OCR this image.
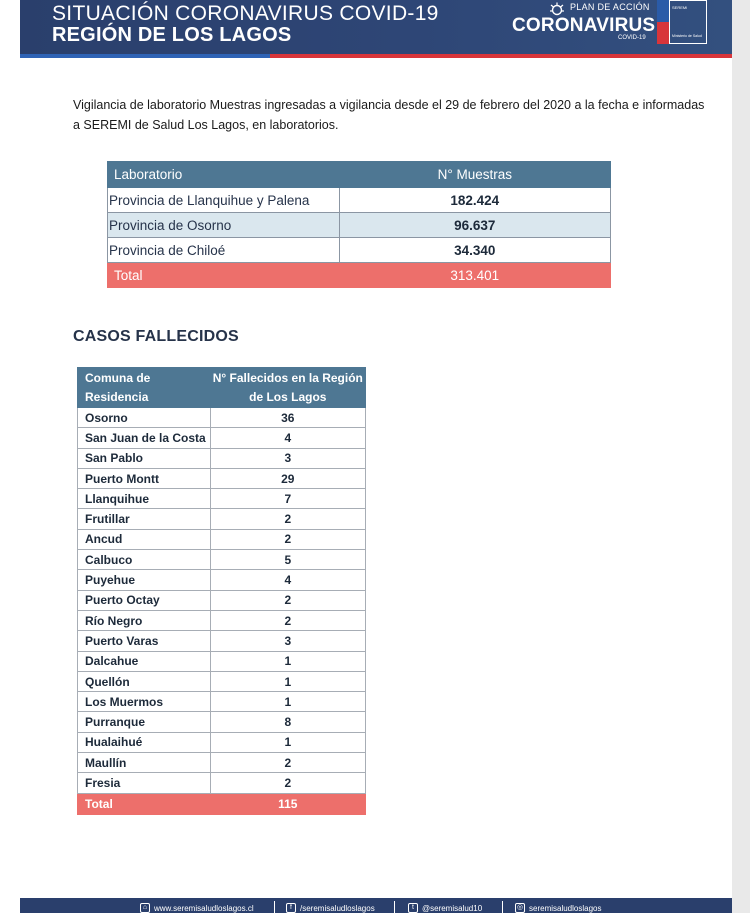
SITUACIÓN CORONAVIRUS COVID-19
REGIÓN DE LOS LAGOS
PLAN DE ACCIÓN
CORONAVIRUS
COVID-19
SEREMI
Ministerio de Salud

Vigilancia de laboratorio Muestras ingresadas a vigilancia desde el 29 de febrero del 2020 a la fecha e informadas a SEREMI de Salud Los Lagos, en laboratorios.

Laboratorio	N° Muestras
Provincia de Llanquihue y Palena	182.424
Provincia de Osorno	96.637
Provincia de Chiloé	34.340
Total	313.401
CASOS FALLECIDOS
Comuna de Residencia	N° Fallecidos en la Región de Los Lagos
Osorno	36
San Juan de la Costa	4
San Pablo	3
Puerto Montt	29
Llanquihue	7
Frutillar	2
Ancud	2
Calbuco	5
Puyehue	4
Puerto Octay	2
Río Negro	2
Puerto Varas	3
Dalcahue	1
Quellón	1
Los Muermos	1
Purranque	8
Hualaihué	1
Maullín	2
Fresia	2
Total	115
⌂ www.seremisaludloslagos.cl	f	/seremisaludloslagos	t	@seremisalud10	◎ seremisaludloslagos
